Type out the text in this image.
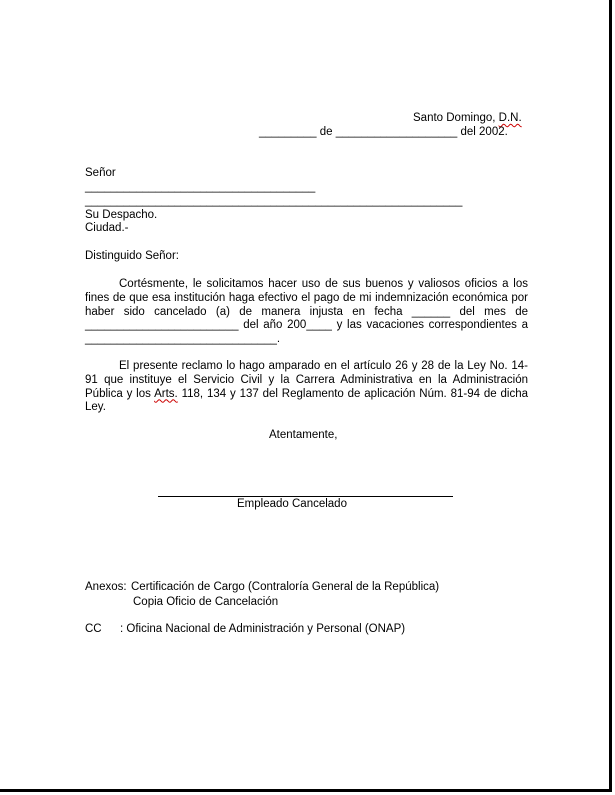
Santo Domingo, D.N.
_________ de ___________________ del 2002.
Señor
____________________________________
___________________________________________________________
Su Despacho.
Ciudad.-
Distinguido Señor:
Cortésmente, le solicitamos hacer uso de sus buenos y valiosos oficios a los fines de que esa institución haga efectivo el pago de mi indemnización económica por haber sido cancelado (a) de manera injusta en fecha ______ del mes de ________________________ del año 200____ y las vacaciones correspondientes a ______________________________.
El presente reclamo lo hago amparado en el artículo 26 y 28 de la Ley No. 14-91 que instituye el Servicio Civil y la Carrera Administrativa en la Administración Pública y los Arts. 118, 134 y 137 del Reglamento de aplicación Núm. 81-94 de dicha Ley.
Atentamente,
Empleado Cancelado
Anexos: Certificación de Cargo (Contraloría General de la República)
Copia Oficio de Cancelación
CC : Oficina Nacional de Administración y Personal (ONAP)
